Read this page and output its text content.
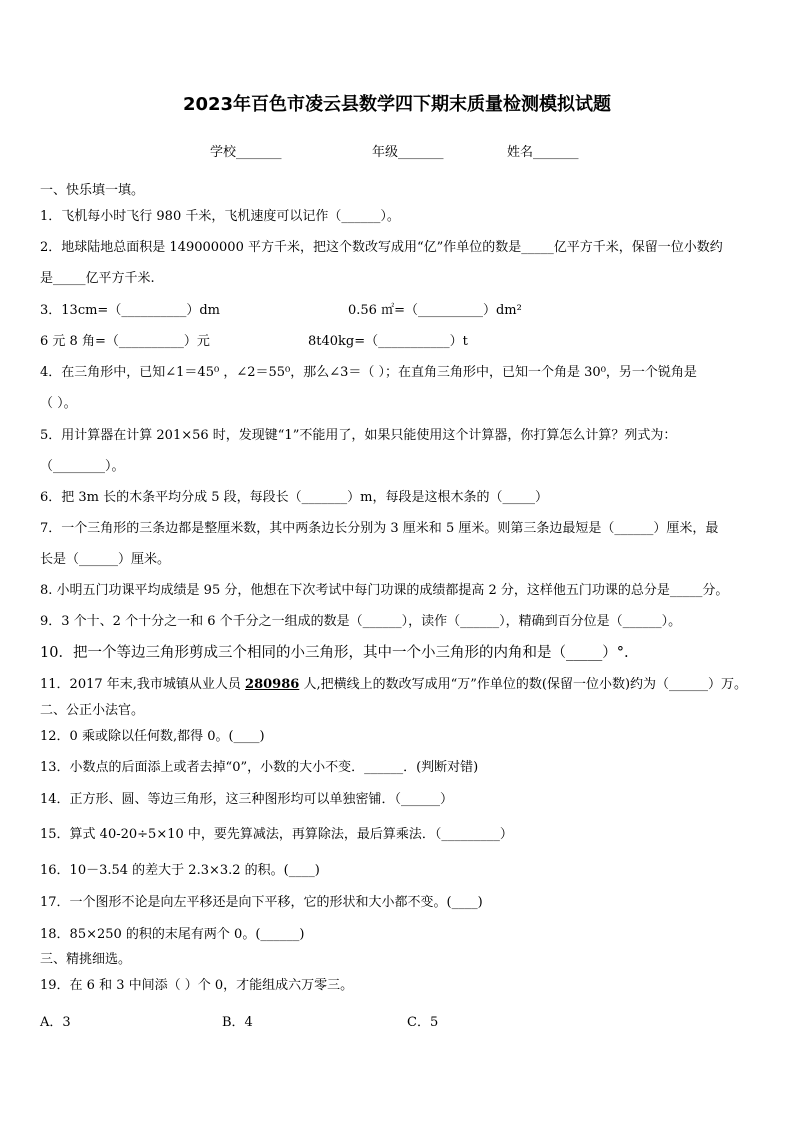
2023年百色市凌云县数学四下期末质量检测模拟试题
学校_______	年级_______	姓名_______
一、快乐填一填。
1．飞机每小时飞行 980 千米，飞机速度可以记作（______）。
2．地球陆地总面积是 149000000 平方千米，把这个数改写成用“亿”作单位的数是_____亿平方千米，保留一位小数约
是_____亿平方千米.
3．13cm=（__________）dm	0.56 ㎡=（__________）dm²
6 元 8 角=（__________）元	8t40kg=（___________）t
4．在三角形中，已知∠1＝45⁰ ，∠2＝55⁰，那么∠3＝（ ）；在直角三角形中，已知一个角是 30⁰，另一个锐角是
（ ）。
5．用计算器在计算 201×56 时，发现键“1”不能用了，如果只能使用这个计算器，你打算怎么计算？列式为：
（________）。
6．把 3m 长的木条平均分成 5 段，每段长（_______）m，每段是这根木条的（_____）
7．一个三角形的三条边都是整厘米数，其中两条边长分别为 3 厘米和 5 厘米。则第三条边最短是（______）厘米，最
长是（______）厘米。
8. 小明五门功课平均成绩是 95 分，他想在下次考试中每门功课的成绩都提高 2 分，这样他五门功课的总分是_____分。
9．3 个十、2 个十分之一和 6 个千分之一组成的数是（______），读作（______），精确到百分位是（______）。
10．把一个等边三角形剪成三个相同的小三角形，其中一个小三角形的内角和是（_____）°.
11．2017 年末,我市城镇从业人员 280986 人,把横线上的数改写成用“万”作单位的数(保留一位小数)约为（______）万。
二、公正小法官。
12．0 乘或除以任何数,都得 0。(____)
13．小数点的后面添上或者去掉“0”，小数的大小不变．______．(判断对错)
14．正方形、圆、等边三角形，这三种图形均可以单独密铺．（______）
15．算式 40-20÷5×10 中，要先算减法，再算除法，最后算乘法．（_________）
16．10－3.54 的差大于 2.3×3.2 的积。(____)
17．一个图形不论是向左平移还是向下平移，它的形状和大小都不变。(____)
18．85×250 的积的末尾有两个 0。(______)
三、精挑细选。
19．在 6 和 3 中间添（ ）个 0，才能组成六万零三。
A．3	B．4	C．5
